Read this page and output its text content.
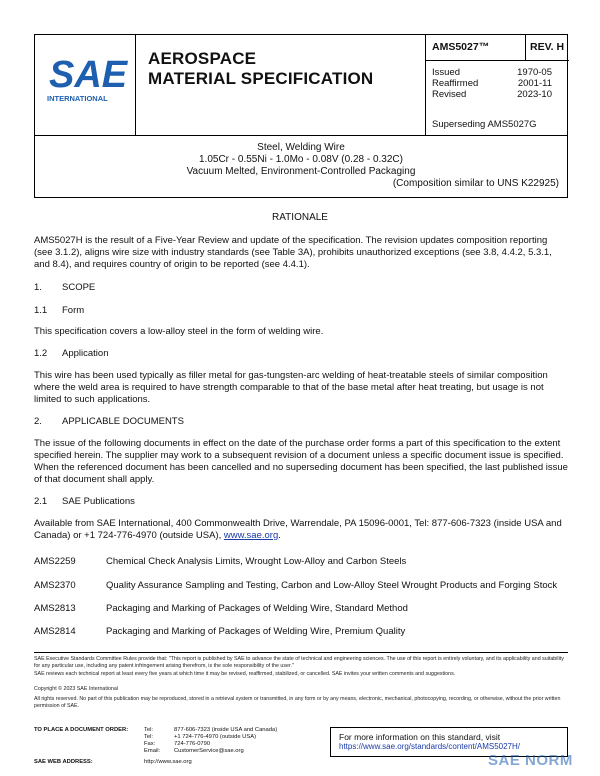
SAE
INTERNATIONAL
AEROSPACE
MATERIAL SPECIFICATION
AMS5027™	REV. H
Issued	1970-05
Reaffirmed	2001-11
Revised	2023-10
Superseding AMS5027G
Steel, Welding Wire
1.05Cr - 0.55Ni - 1.0Mo - 0.08V (0.28 - 0.32C)
Vacuum Melted, Environment-Controlled Packaging
(Composition similar to UNS K22925)
RATIONALE
AMS5027H is the result of a Five-Year Review and update of the specification. The revision updates composition reporting (see 3.1.2), aligns wire size with industry standards (see Table 3A), prohibits unauthorized exceptions (see 3.8, 4.4.2, 5.3.1, and 8.4), and requires country of origin to be reported (see 4.4.1).
1. SCOPE
1.1 Form
This specification covers a low-alloy steel in the form of welding wire.
1.2 Application
This wire has been used typically as filler metal for gas-tungsten-arc welding of heat-treatable steels of similar composition where the weld area is required to have strength comparable to that of the base metal after heat treating, but usage is not limited to such applications.
2. APPLICABLE DOCUMENTS
The issue of the following documents in effect on the date of the purchase order forms a part of this specification to the extent specified herein. The supplier may work to a subsequent revision of a document unless a specific document issue is specified. When the referenced document has been cancelled and no superseding document has been specified, the last published issue of that document shall apply.
2.1 SAE Publications
Available from SAE International, 400 Commonwealth Drive, Warrendale, PA 15096-0001, Tel: 877-606-7323 (inside USA and Canada) or +1 724-776-4970 (outside USA), www.sae.org.
AMS2259	Chemical Check Analysis Limits, Wrought Low-Alloy and Carbon Steels
AMS2370	Quality Assurance Sampling and Testing, Carbon and Low-Alloy Steel Wrought Products and Forging Stock
AMS2813	Packaging and Marking of Packages of Welding Wire, Standard Method
AMS2814	Packaging and Marking of Packages of Welding Wire, Premium Quality
SAE Executive Standards Committee Rules provide that: "This report is published by SAE to advance the state of technical and engineering sciences. The use of this report is entirely voluntary, and its applicability and suitability for any particular use, including any patent infringement arising therefrom, is the sole responsibility of the user."
SAE reviews each technical report at least every five years at which time it may be revised, reaffirmed, stabilized, or cancelled. SAE invites your written comments and suggestions.
Copyright © 2023 SAE International
All rights reserved. No part of this publication may be reproduced, stored in a retrieval system or transmitted, in any form or by any means, electronic, mechanical, photocopying, recording, or otherwise, without the prior written permission of SAE.
TO PLACE A DOCUMENT ORDER:	Tel:	877-606-7323 (inside USA and Canada)
Tel:	+1 724-776-4970 (outside USA)
Fax:	724-776-0790
Email: CustomerService@sae.org
SAE WEB ADDRESS:	http://www.sae.org
For more information on this standard, visit
https://www.sae.org/standards/content/AMS5027H/
SAE NORM
